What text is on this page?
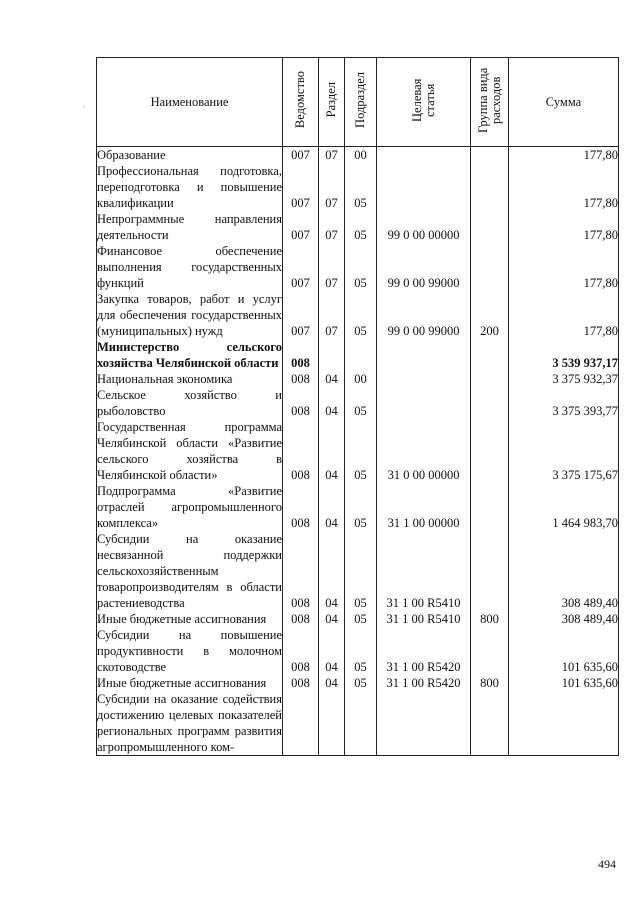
·	Наименование	Ведомство	Раздел	Подраздел	Целевая статья	Группа вида расходов	Сумма
Образование	007	07	00			177,80
Профессиональная подготовка, переподготовка и повышение квалификации	007	07	05			177,80
Непрограммные направления деятельности	007	07	05	99 0 00 00000		177,80
Финансовое обеспечение выполнения государственных функций	007	07	05	99 0 00 99000		177,80
Закупка товаров, работ и услуг для обеспечения государственных (муниципальных) нужд	007	07	05	99 0 00 99000	200	177,80
Министерство сельского хозяйства Челябинской области	008					3 539 937,17
Национальная экономика	008	04	00			3 375 932,37
Сельское хозяйство и рыболовство	008	04	05			3 375 393,77
Государственная программа Челябинской области «Развитие сельского хозяйства в Челябинской области»	008	04	05	31 0 00 00000		3 375 175,67
Подпрограмма «Развитие отраслей агропромышленного комплекса»	008	04	05	31 1 00 00000		1 464 983,70
Субсидии на оказание несвязанной поддержки сельскохозяйственным товаропроизводителям в области растениеводства	008	04	05	31 1 00 R5410		308 489,40
Иные бюджетные ассигнования	008	04	05	31 1 00 R5410	800	308 489,40
Субсидии на повышение продуктивности в молочном скотоводстве	008	04	05	31 1 00 R5420		101 635,60
Иные бюджетные ассигнования	008	04	05	31 1 00 R5420	800	101 635,60
Субсидии на оказание содействия достижению целевых показателей региональных программ развития агропромышленного ком-						
494
